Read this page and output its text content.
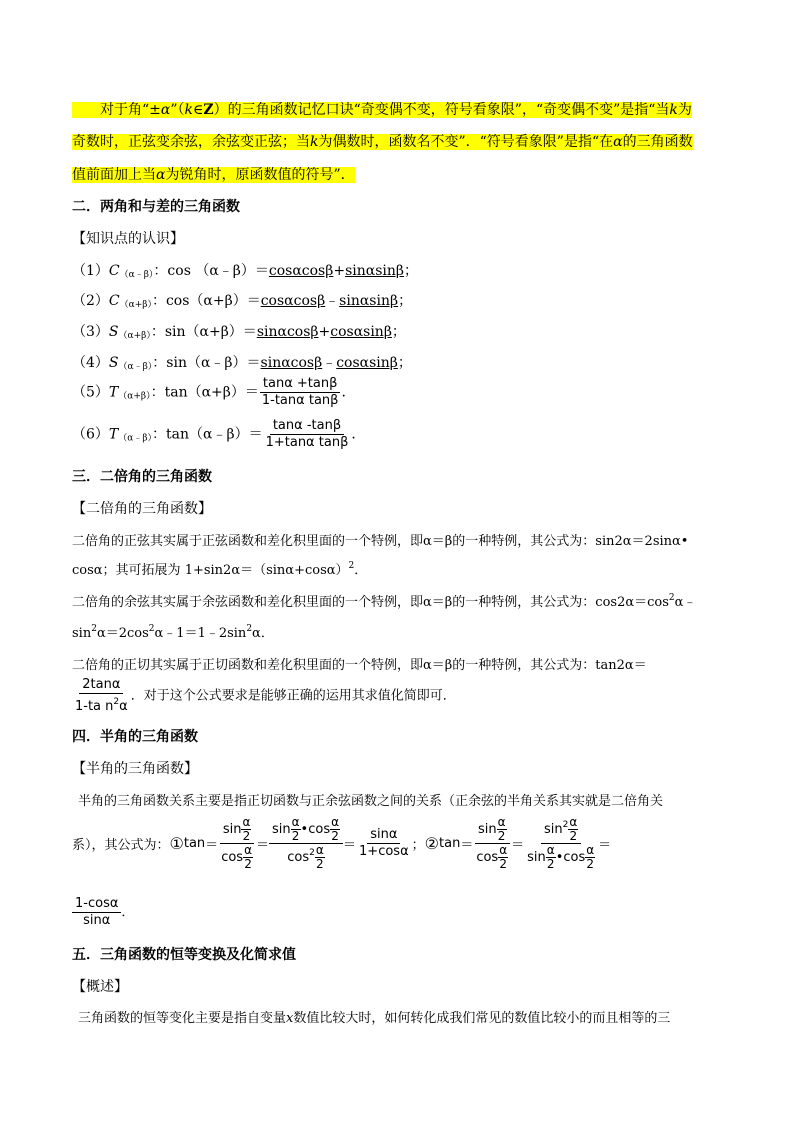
对于角“±α”（k∈Z）的三角函数记忆口诀“奇变偶不变，符号看象限”，“奇变偶不变”是指“当k为
奇数时，正弦变余弦，余弦变正弦；当k为偶数时，函数名不变”．“符号看象限”是指“在α的三角函数
值前面加上当α为锐角时，原函数值的符号”．
二．两角和与差的三角函数
【知识点的认识】
$(1)C_{(\alpha﹣\beta)}$：cos （α﹣β）＝cosαcosβ+sinαsinβ；
$(2)C_{(\alpha+\beta)}$：cos（α+β）＝cosαcosβ﹣sinαsinβ；
$(3)S_{(\alpha+\beta)}$：sin（α+β）＝sinαcosβ+cosαsinβ；
$(4)S_{(\alpha﹣\beta)}$：sin（α﹣β）＝sinαcosβ﹣cosαsinβ；
$(5)T_{(\alpha+\beta)}$：$\tan(\alpha+\beta)= \frac{\tan\alpha +\tan\beta}{\text{1-tanα tanβ}}$ ．
$(6)T_{(\alpha﹣\beta)}$：tan（α﹣β）＝ $\frac{\tan\alpha -\tan\beta}{\text{1+tanα tanβ}}$ ．
三．二倍角的三角函数
【二倍角的三角函数】
二倍角的正弦其实属于正弦函数和差化积里面的一个特例，即α＝β的一种特例，其公式为：sin2α＝2sinα•
cosα；其可拓展为 $1+\sin 2\alpha=(\sin\alpha+\cos\alpha)^2$．
二倍角的余弦其实属于余弦函数和差化积里面的一个特例，即α＝β的一种特例，其公式为：$\cos 2\alpha=\cos^2\alpha﹣$
$\sin^2\alpha=2\cos^2\alpha﹣1=1﹣2\sin^2\alpha$．
二倍角的正切其实属于正切函数和差化积里面的一个特例，即α＝β的一种特例，其公式为：tan2α＝
$\frac{2\tan\alpha}{1-ta n^2\alpha}$ ．对于这个公式要求是能够正确的运用其求值化简即可．
四．半角的三角函数
【半角的三角函数】
半角的三角函数关系主要是指正切函数与正余弦函数之间的关系（正余弦的半角关系其实就是二倍角关
系），其公式为： ① $\tan = \frac{\sin \frac{\alpha}{2}}{\cos \frac{\alpha}{2}} = \frac{\sin \frac{\alpha}{2} •\cos \frac{\alpha}{2}}{\cos^2 \frac{\alpha}{2}} = \frac{\sin\alpha}{1+\cos\alpha}$ ； ② $\tan = \frac{\sin \frac{\alpha}{2}}{\cos \frac{\alpha}{2}} = \frac{\sin^2 \frac{\alpha}{2}}{\sin \frac{\alpha}{2} •\cos \frac{\alpha}{2}}$ ＝
$\frac{1-\cos\alpha}{\sin\alpha}$ ．
五．三角函数的恒等变换及化简求值
【概述】
三角函数的恒等变化主要是指自变量x数值比较大时，如何转化成我们常见的数值比较小的而且相等的三
